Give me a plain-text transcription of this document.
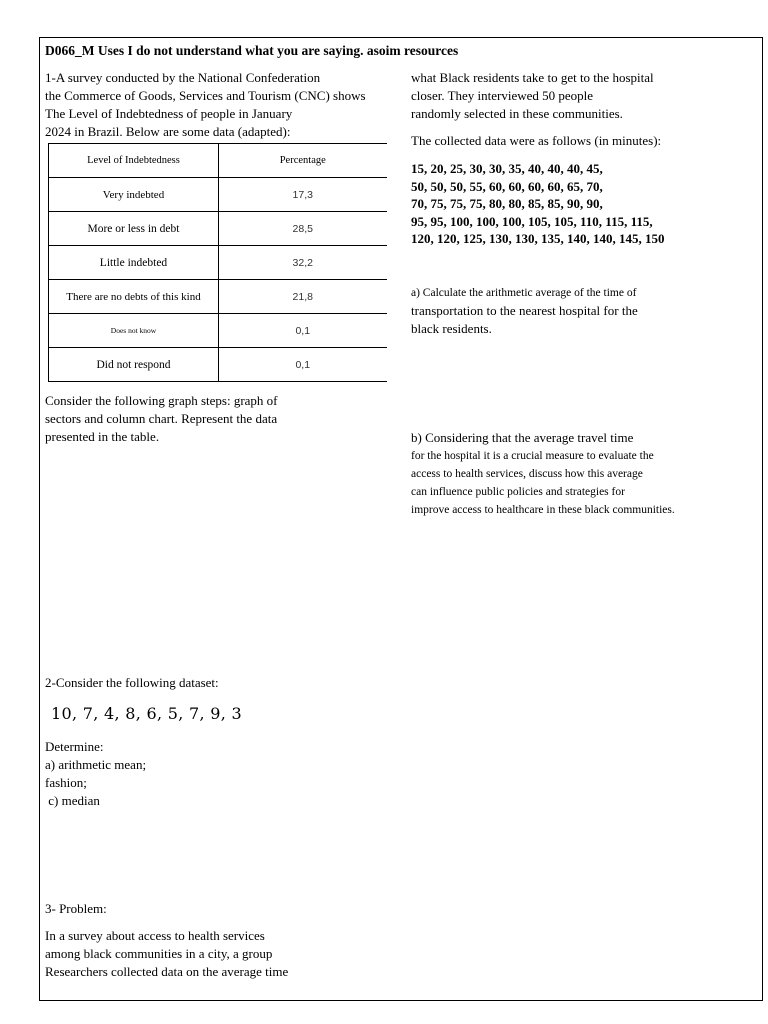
D066_M Uses I do not understand what you are saying. asoim resources
1-A survey conducted by the National Confederation
the Commerce of Goods, Services and Tourism (CNC) shows
The Level of Indebtedness of people in January
2024 in Brazil. Below are some data (adapted):
Level of Indebtedness	Percentage
Very indebted	17,3
More or less in debt	28,5
Little indebted	32,2
There are no debts of this kind	21,8
Does not know	0,1
Did not respond	0,1
Consider the following graph steps: graph of
sectors and column chart. Represent the data
presented in the table.
2-Consider the following dataset:
10, 7, 4, 8, 6, 5, 7, 9, 3
Determine:
a) arithmetic mean;
fashion;
c) median
3- Problem:
In a survey about access to health services
among black communities in a city, a group
Researchers collected data on the average time
what Black residents take to get to the hospital
closer. They interviewed 50 people
randomly selected in these communities.
The collected data were as follows (in minutes):
15, 20, 25, 30, 30, 35, 40, 40, 40, 45,
50, 50, 50, 55, 60, 60, 60, 60, 65, 70,
70, 75, 75, 75, 80, 80, 85, 85, 90, 90,
95, 95, 100, 100, 100, 105, 105, 110, 115, 115,
120, 120, 125, 130, 130, 135, 140, 140, 145, 150
a) Calculate the arithmetic average of the time of
transportation to the nearest hospital for the
black residents.
b) Considering that the average travel time
for the hospital it is a crucial measure to evaluate the
access to health services, discuss how this average
can influence public policies and strategies for
improve access to healthcare in these black communities.
